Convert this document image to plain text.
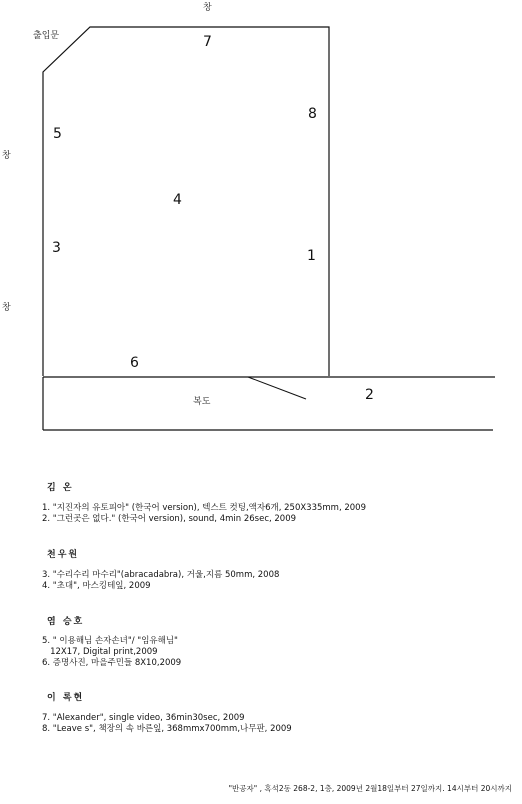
창
창
창
출입문
복도
1
2
3
4
5
6
7
8
김 온
1. "지진자의 유토피아" (한국어 version), 텍스트 컷팅,액자6개, 250X335mm, 2009
2. "그런곳은 없다." (한국어 version), sound, 4min 26sec, 2009
천우원
3. "수리수리 마수리"(abracadabra), 거울,지름 50mm, 2008
4. "초대", 마스킹테잎, 2009
염 승호
5. " 이용해님 손자손녀"/ "임유해님"
12X17, Digital print,2009
6. 증명사진, 마을주민들 8X10,2009
이 록현
7. "Alexander", single video, 36min30sec, 2009
8. "Leave s", 책장의 속 바른잎, 368mmx700mm,나무판, 2009
"반공자" , 혹석2동 268-2, 1층, 2009년 2월18일부터 27일까지. 14시부터 20시까지
